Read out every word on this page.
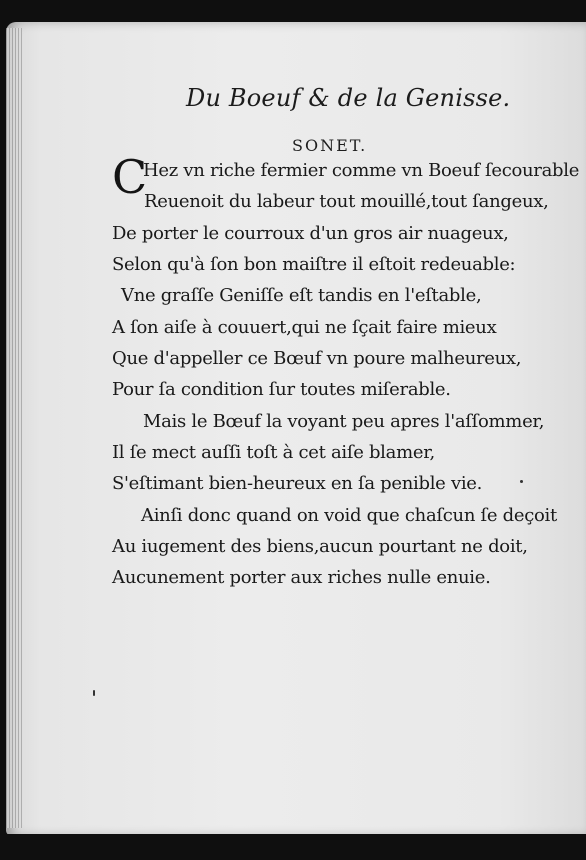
Du Boeuf & de la Genisse.
SONET.
C
Hez vn riche fermier comme vn Boeuf ſecourable
Reuenoit du labeur tout mouillé,tout ſangeux,
De porter le courroux d'un gros air nuageux,
Selon qu'à ſon bon maiſtre il eſtoit redeuable:
Vne graſſe Geniſſe eſt tandis en l'eſtable,
A ſon aiſe à couuert,qui ne ſçait faire mieux
Que d'appeller ce Bœuf vn poure malheureux,
Pour ſa condition ſur toutes miſerable.
Mais le Bœuf la voyant peu apres l'aſſommer,
Il ſe mect auſſi toſt à cet aiſe blamer,
S'eſtimant bien-heureux en ſa penible vie.
Ainſi donc quand on void que chaſcun ſe deçoit
Au iugement des biens,aucun pourtant ne doit,
Aucunement porter aux riches nulle enuie.
